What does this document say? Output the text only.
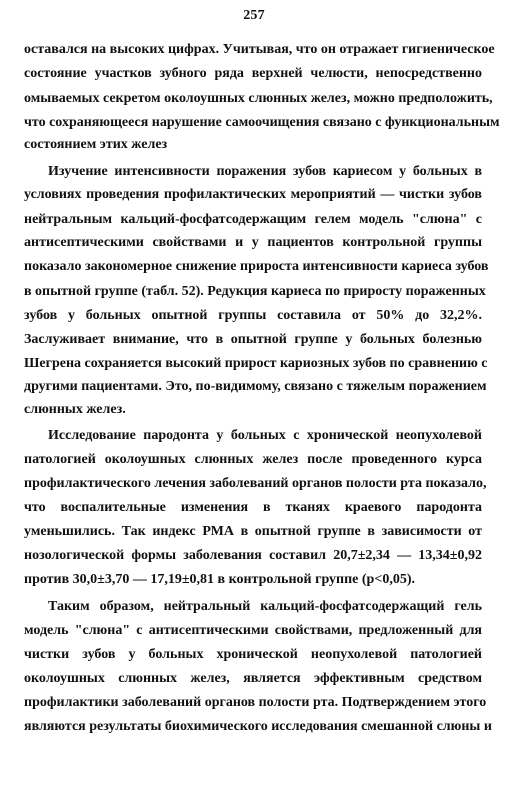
257
оставался на высоких цифрах. Учитывая, что он отражает гигиеническое
состояние участков зубного ряда верхней челюсти, непосредственно
омываемых секретом околоушных слюнных желез, можно предположить,
что сохраняющееся нарушение самоочищения связано с функциональным
состоянием этих желез
Изучение интенсивности поражения зубов кариесом у больных в
условиях проведения профилактических мероприятий — чистки зубов
нейтральным кальций-фосфатсодержащим гелем модель "слюна" с
антисептическими свойствами и у пациентов контрольной группы
показало закономерное снижение прироста интенсивности кариеса зубов
в опытной группе (табл. 52). Редукция кариеса по приросту пораженных
зубов у больных опытной группы составила от 50% до 32,2%.
Заслуживает внимание, что в опытной группе у больных болезнью
Шегрена сохраняется высокий прирост кариозных зубов по сравнению с
другими пациентами. Это, по-видимому, связано с тяжелым поражением
слюнных желез.
Исследование пародонта у больных с хронической неопухолевой
патологией околоушных слюнных желез после проведенного курса
профилактического лечения заболеваний органов полости рта показало,
что воспалительные изменения в тканях краевого пародонта
уменьшились. Так индекс РМА в опытной группе в зависимости от
нозологической формы заболевания составил 20,7±2,34 — 13,34±0,92
против 30,0±3,70 — 17,19±0,81 в контрольной группе (р<0,05).
Таким образом, нейтральный кальций-фосфатсодержащий гель
модель "слюна" с антисептическими свойствами, предложенный для
чистки зубов у больных хронической неопухолевой патологией
околоушных слюнных желез, является эффективным средством
профилактики заболеваний органов полости рта. Подтверждением этого
являются результаты биохимического исследования смешанной слюны и
